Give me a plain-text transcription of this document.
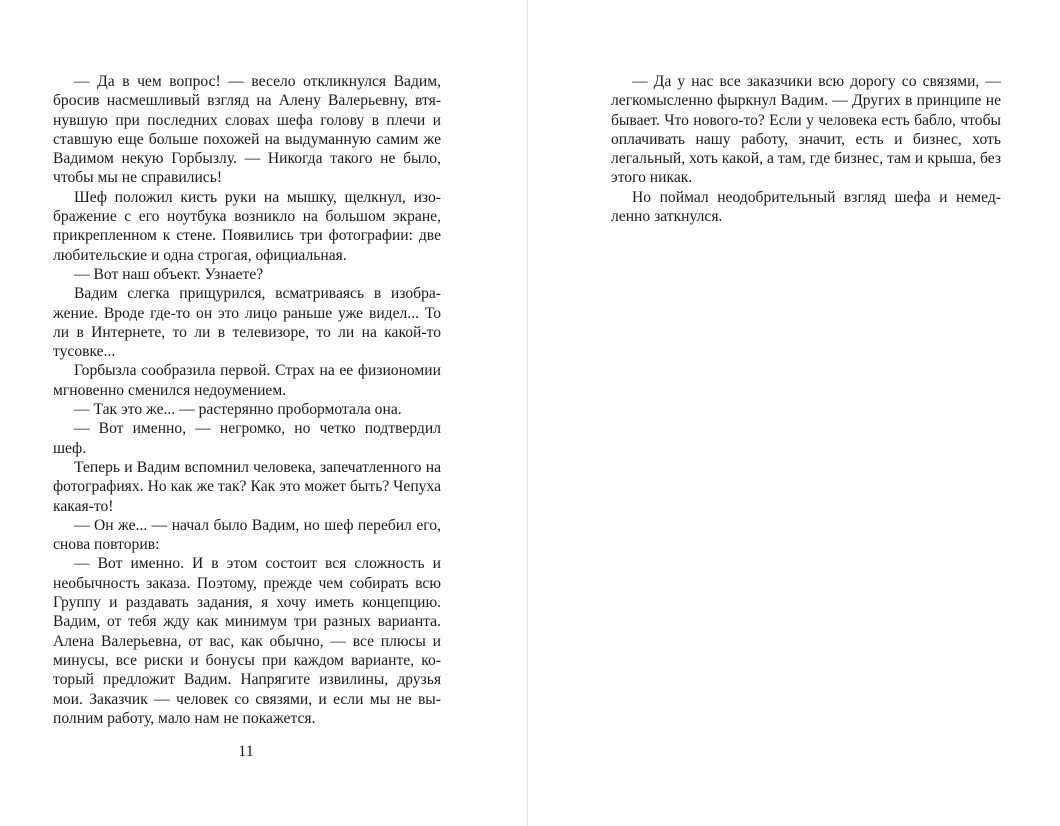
— Да в чем вопрос! — весело откликнулся Вадим, бросив насмешливый взгляд на Алену Валерьевну, втянувшую при последних словах шефа голову в плечи и ставшую еще больше похожей на выдуманную самим же Вадимом некую Горбызлу. — Никогда такого не было, чтобы мы не справились!

Шеф положил кисть руки на мышку, щелкнул, изображение с его ноутбука возникло на большом экране, прикрепленном к стене. Появились три фотографии: две любительские и одна строгая, официальная.

— Вот наш объект. Узнаете?

Вадим слегка прищурился, всматриваясь в изображение. Вроде где-то он это лицо раньше уже видел... То ли в Интернете, то ли в телевизоре, то ли на какой-то тусовке...

Горбызла сообразила первой. Страх на ее физиономии мгновенно сменился недоумением.

— Так это же... — растерянно пробормотала она.

— Вот именно, — негромко, но четко подтвердил шеф.

Теперь и Вадим вспомнил человека, запечатленного на фотографиях. Но как же так? Как это может быть? Чепуха какая-то!

— Он же... — начал было Вадим, но шеф перебил его, снова повторив:

— Вот именно. И в этом состоит вся сложность и необычность заказа. Поэтому, прежде чем собирать всю Группу и раздавать задания, я хочу иметь концепцию. Вадим, от тебя жду как минимум три разных варианта. Алена Валерьевна, от вас, как обычно, — все плюсы и минусы, все риски и бонусы при каждом варианте, который предложит Вадим. Напрягите извилины, друзья мои. Заказчик — человек со связями, и если мы не выполним работу, мало нам не покажется.

11

— Да у нас все заказчики всю дорогу со связями, — легкомысленно фыркнул Вадим. — Других в принципе не бывает. Что нового-то? Если у человека есть бабло, чтобы оплачивать нашу работу, значит, есть и бизнес, хоть легальный, хоть какой, а там, где бизнес, там и крыша, без этого никак.

Но поймал неодобрительный взгляд шефа и немедленно заткнулся.
